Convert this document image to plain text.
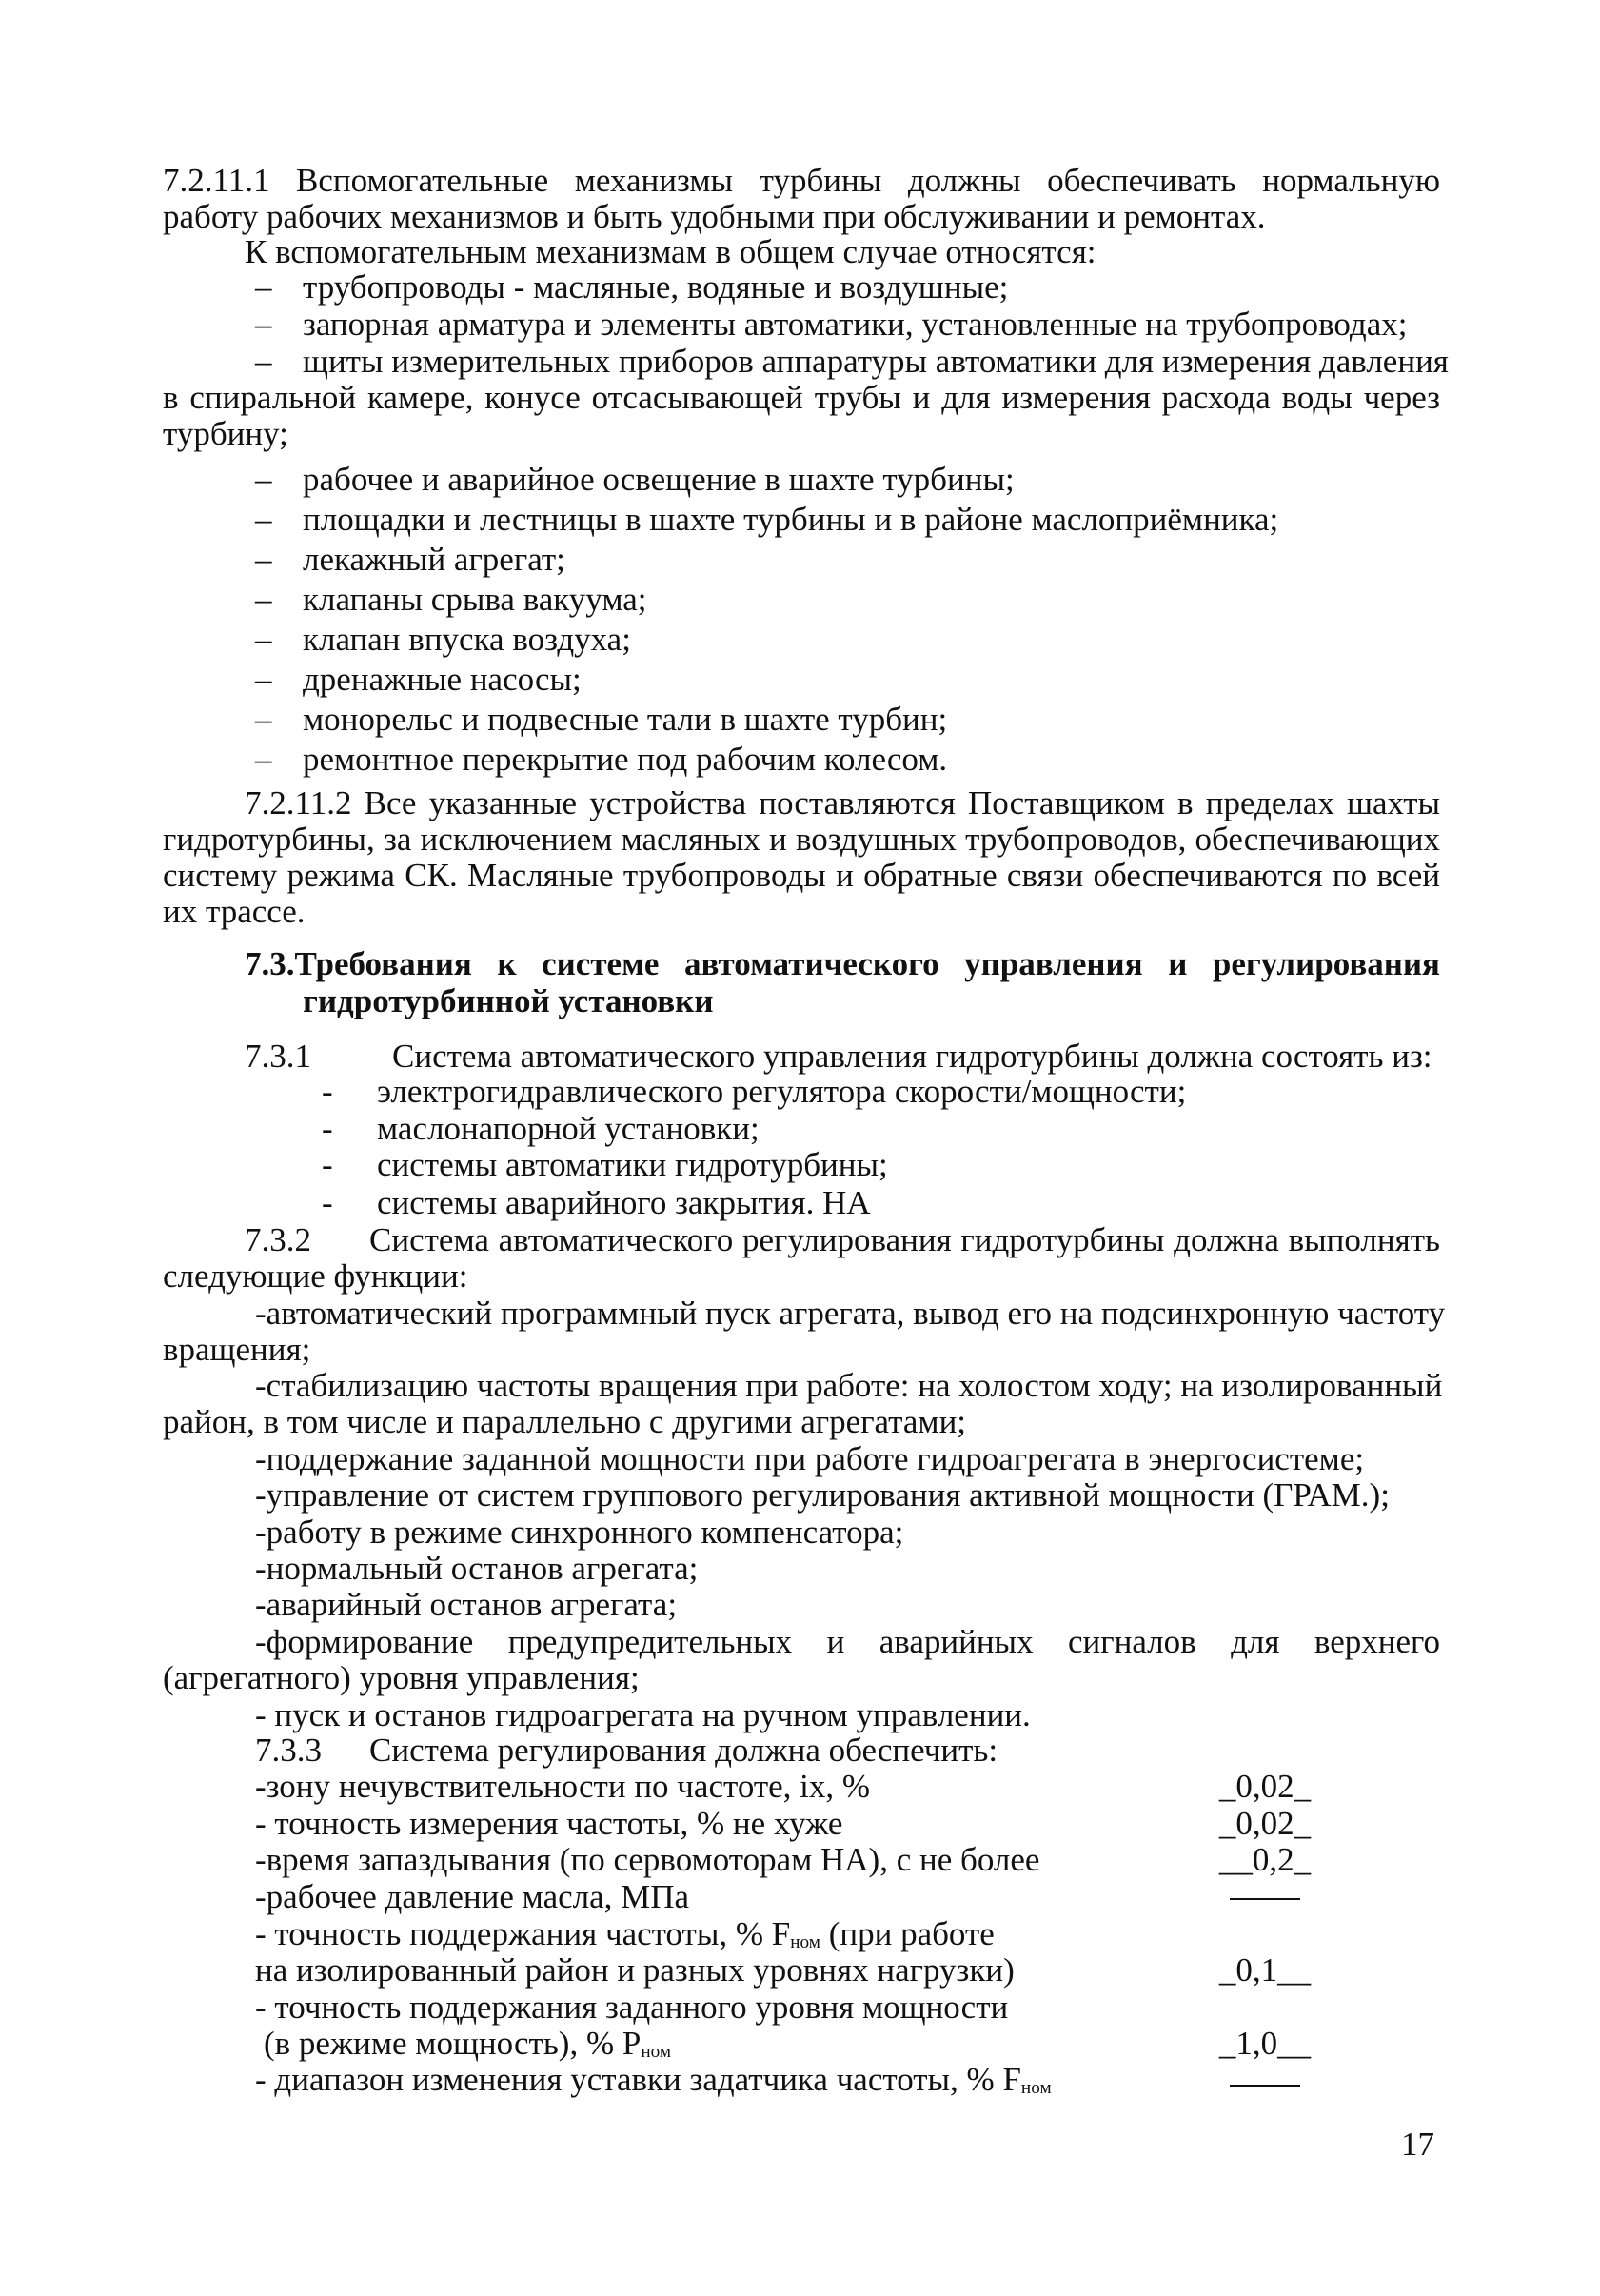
7.2.11.1 Вспомогательные механизмы турбины должны обеспечивать нормальную
работу рабочих механизмов и быть удобными при обслуживании и ремонтах.
К вспомогательным механизмам в общем случае относятся:
– трубопроводы - масляные, водяные и воздушные;
– запорная арматура и элементы автоматики, установленные на трубопроводах;
– щиты измерительных приборов аппаратуры автоматики для измерения давления
в спиральной камере, конусе отсасывающей трубы и для измерения расхода воды через
турбину;
– рабочее и аварийное освещение в шахте турбины;
– площадки и лестницы в шахте турбины и в районе маслоприёмника;
– лекажный агрегат;
– клапаны срыва вакуума;
– клапан впуска воздуха;
– дренажные насосы;
– монорельс и подвесные тали в шахте турбин;
– ремонтное перекрытие под рабочим колесом.
7.2.11.2 Все указанные устройства поставляются Поставщиком в пределах шахты
гидротурбины, за исключением масляных и воздушных трубопроводов, обеспечивающих
систему режима СК. Масляные трубопроводы и обратные связи обеспечиваются по всей
их трассе.
7.3.Требования к системе автоматического управления и регулирования
гидротурбинной установки
7.3.1 Система автоматического управления гидротурбины должна состоять из:
- электрогидравлического регулятора скорости/мощности;
- маслонапорной установки;
- системы автоматики гидротурбины;
- системы аварийного закрытия. НА
7.3.2 Система автоматического регулирования гидротурбины должна выполнять
следующие функции:
-автоматический программный пуск агрегата, вывод его на подсинхронную частоту
вращения;
-стабилизацию частоты вращения при работе: на холостом ходу; на изолированный
район, в том числе и параллельно с другими агрегатами;
-поддержание заданной мощности при работе гидроагрегата в энергосистеме;
-управление от систем группового регулирования активной мощности (ГРАМ.);
-работу в режиме синхронного компенсатора;
-нормальный останов агрегата;
-аварийный останов агрегата;
-формирование предупредительных и аварийных сигналов для верхнего
(агрегатного) уровня управления;
- пуск и останов гидроагрегата на ручном управлении.
7.3.3 Система регулирования должна обеспечить:
-зону нечувствительности по частоте, ix, %	_0,02_
- точность измерения частоты, % не хуже	_0,02_
-время запаздывания (по сервомоторам НА), с не более	__0,2_
-рабочее давление масла, МПа
- точность поддержания частоты, % $F_{ном}$ (при работе
на изолированный район и разных уровнях нагрузки)	_0,1__
- точность поддержания заданного уровня мощности
(в режиме мощность), % $P_{ном}$	_1,0__
- диапазон изменения уставки задатчика частоты, % $F_{ном}$
17
